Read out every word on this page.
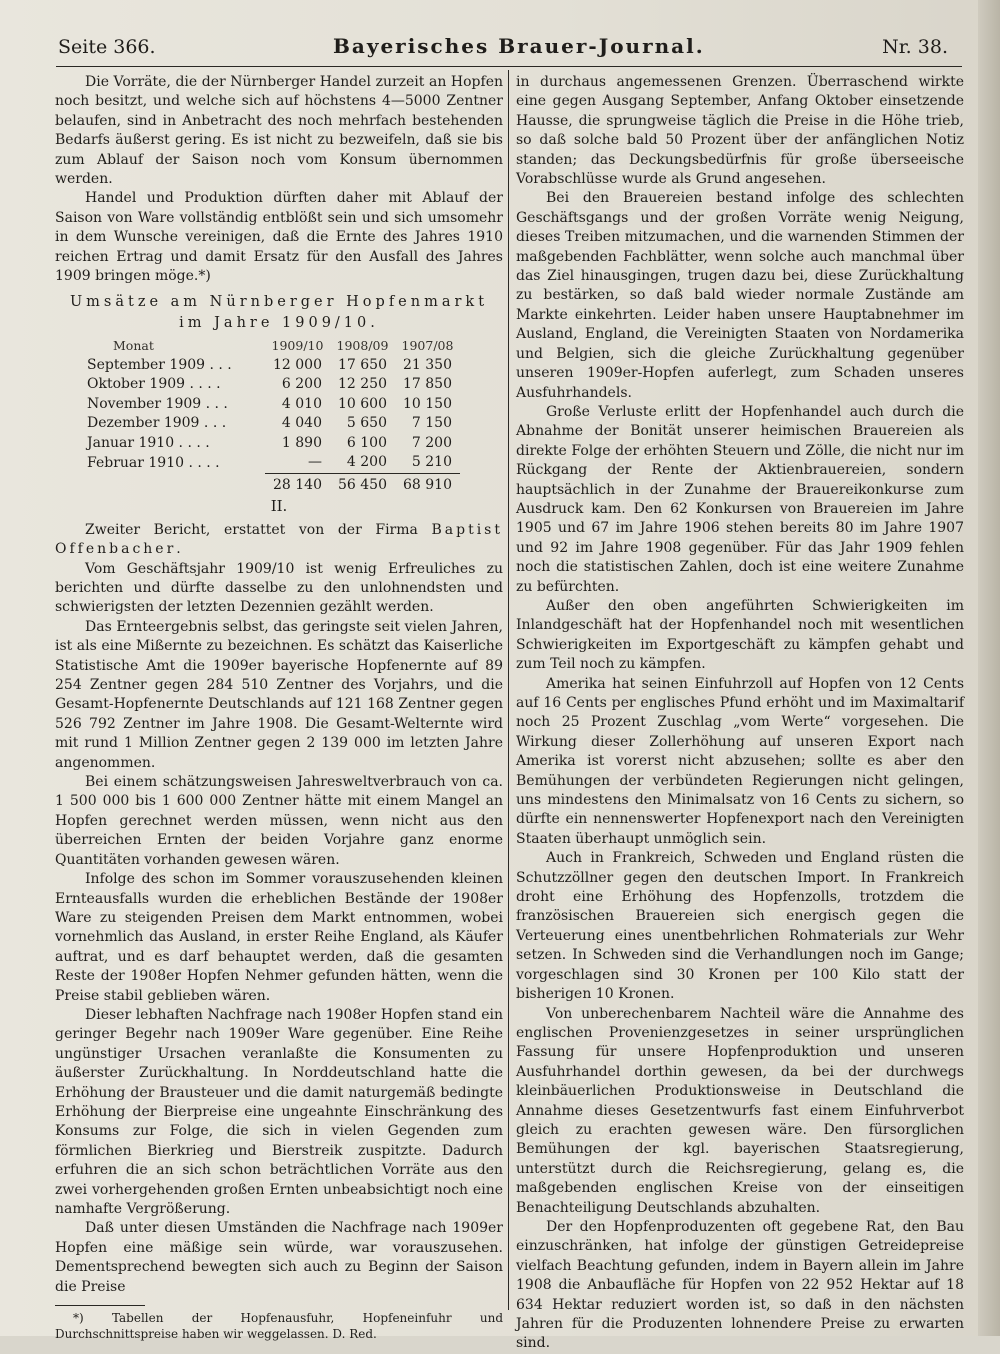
Seite 366.	Bayerisches Brauer-Journal.	Nr. 38.

Die Vorräte, die der Nürnberger Handel zurzeit an Hopfen noch besitzt, und welche sich auf höchstens 4—5000 Zentner belaufen, sind in Anbetracht des noch mehrfach bestehenden Bedarfs äußerst gering. Es ist nicht zu bezweifeln, daß sie bis zum Ablauf der Saison noch vom Konsum übernommen werden.

Handel und Produktion dürften daher mit Ablauf der Saison von Ware vollständig entblößt sein und sich umsomehr in dem Wunsche vereinigen, daß die Ernte des Jahres 1910 reichen Ertrag und damit Ersatz für den Ausfall des Jahres 1909 bringen möge.*)

Umsätze am Nürnberger Hopfenmarkt im Jahre 1909/10.
Monat	1909/10	1908/09	1907/08
September 1909 . . .	12 000	17 650	21 350
Oktober 1909 . . . .	6 200	12 250	17 850
November 1909 . . .	4 010	10 600	10 150
Dezember 1909 . . .	4 040	5 650	7 150
Januar 1910 . . . .	1 890	6 100	7 200
Februar 1910 . . . .	—	4 200	5 210
	28 140	56 450	68 910
II.

Zweiter Bericht, erstattet von der Firma Baptist Offenbacher.

Vom Geschäftsjahr 1909/10 ist wenig Erfreuliches zu berichten und dürfte dasselbe zu den unlohnendsten und schwierigsten der letzten Dezennien gezählt werden.

Das Ernteergebnis selbst, das geringste seit vielen Jahren, ist als eine Mißernte zu bezeichnen. Es schätzt das Kaiserliche Statistische Amt die 1909er bayerische Hopfenernte auf 89 254 Zentner gegen 284 510 Zentner des Vorjahrs, und die Gesamt-Hopfenernte Deutschlands auf 121 168 Zentner gegen 526 792 Zentner im Jahre 1908. Die Gesamt-Welternte wird mit rund 1 Million Zentner gegen 2 139 000 im letzten Jahre angenommen.

Bei einem schätzungsweisen Jahresweltverbrauch von ca. 1 500 000 bis 1 600 000 Zentner hätte mit einem Mangel an Hopfen gerechnet werden müssen, wenn nicht aus den überreichen Ernten der beiden Vorjahre ganz enorme Quantitäten vorhanden gewesen wären.

Infolge des schon im Sommer vorauszusehenden kleinen Ernteausfalls wurden die erheblichen Bestände der 1908er Ware zu steigenden Preisen dem Markt entnommen, wobei vornehmlich das Ausland, in erster Reihe England, als Käufer auftrat, und es darf behauptet werden, daß die gesamten Reste der 1908er Hopfen Nehmer gefunden hätten, wenn die Preise stabil geblieben wären.

Dieser lebhaften Nachfrage nach 1908er Hopfen stand ein geringer Begehr nach 1909er Ware gegenüber. Eine Reihe ungünstiger Ursachen veranlaßte die Konsumenten zu äußerster Zurückhaltung. In Norddeutschland hatte die Erhöhung der Brausteuer und die damit naturgemäß bedingte Erhöhung der Bierpreise eine ungeahnte Einschränkung des Konsums zur Folge, die sich in vielen Gegenden zum förmlichen Bierkrieg und Bierstreik zuspitzte. Dadurch erfuhren die an sich schon beträchtlichen Vorräte aus den zwei vorhergehenden großen Ernten unbeabsichtigt noch eine namhafte Vergrößerung.

Daß unter diesen Umständen die Nachfrage nach 1909er Hopfen eine mäßige sein würde, war vorauszusehen. Dementsprechend bewegten sich auch zu Beginn der Saison die Preise

*) Tabellen der Hopfenausfuhr, Hopfeneinfuhr und Durchschnittspreise haben wir weggelassen. D. Red.

in durchaus angemessenen Grenzen. Überraschend wirkte eine gegen Ausgang September, Anfang Oktober einsetzende Hausse, die sprungweise täglich die Preise in die Höhe trieb, so daß solche bald 50 Prozent über der anfänglichen Notiz standen; das Deckungsbedürfnis für große überseeische Vorabschlüsse wurde als Grund angesehen.

Bei den Brauereien bestand infolge des schlechten Geschäftsgangs und der großen Vorräte wenig Neigung, dieses Treiben mitzumachen, und die warnenden Stimmen der maßgebenden Fachblätter, wenn solche auch manchmal über das Ziel hinausgingen, trugen dazu bei, diese Zurückhaltung zu bestärken, so daß bald wieder normale Zustände am Markte einkehrten. Leider haben unsere Hauptabnehmer im Ausland, England, die Vereinigten Staaten von Nordamerika und Belgien, sich die gleiche Zurückhaltung gegenüber unseren 1909er-Hopfen auferlegt, zum Schaden unseres Ausfuhrhandels.

Große Verluste erlitt der Hopfenhandel auch durch die Abnahme der Bonität unserer heimischen Brauereien als direkte Folge der erhöhten Steuern und Zölle, die nicht nur im Rückgang der Rente der Aktienbrauereien, sondern hauptsächlich in der Zunahme der Brauereikonkurse zum Ausdruck kam. Den 62 Konkursen von Brauereien im Jahre 1905 und 67 im Jahre 1906 stehen bereits 80 im Jahre 1907 und 92 im Jahre 1908 gegenüber. Für das Jahr 1909 fehlen noch die statistischen Zahlen, doch ist eine weitere Zunahme zu befürchten.

Außer den oben angeführten Schwierigkeiten im Inlandgeschäft hat der Hopfenhandel noch mit wesentlichen Schwierigkeiten im Exportgeschäft zu kämpfen gehabt und zum Teil noch zu kämpfen.

Amerika hat seinen Einfuhrzoll auf Hopfen von 12 Cents auf 16 Cents per englisches Pfund erhöht und im Maximaltarif noch 25 Prozent Zuschlag „vom Werte“ vorgesehen. Die Wirkung dieser Zollerhöhung auf unseren Export nach Amerika ist vorerst nicht abzusehen; sollte es aber den Bemühungen der verbündeten Regierungen nicht gelingen, uns mindestens den Minimalsatz von 16 Cents zu sichern, so dürfte ein nennenswerter Hopfenexport nach den Vereinigten Staaten überhaupt unmöglich sein.

Auch in Frankreich, Schweden und England rüsten die Schutzzöllner gegen den deutschen Import. In Frankreich droht eine Erhöhung des Hopfenzolls, trotzdem die französischen Brauereien sich energisch gegen die Verteuerung eines unentbehrlichen Rohmaterials zur Wehr setzen. In Schweden sind die Verhandlungen noch im Gange; vorgeschlagen sind 30 Kronen per 100 Kilo statt der bisherigen 10 Kronen.

Von unberechenbarem Nachteil wäre die Annahme des englischen Provenienzgesetzes in seiner ursprünglichen Fassung für unsere Hopfenproduktion und unseren Ausfuhrhandel dorthin gewesen, da bei der durchwegs kleinbäuerlichen Produktionsweise in Deutschland die Annahme dieses Gesetzentwurfs fast einem Einfuhrverbot gleich zu erachten gewesen wäre. Den fürsorglichen Bemühungen der kgl. bayerischen Staatsregierung, unterstützt durch die Reichsregierung, gelang es, die maßgebenden englischen Kreise von der einseitigen Benachteiligung Deutschlands abzuhalten.

Der den Hopfenproduzenten oft gegebene Rat, den Bau einzuschränken, hat infolge der günstigen Getreidepreise vielfach Beachtung gefunden, indem in Bayern allein im Jahre 1908 die Anbaufläche für Hopfen von 22 952 Hektar auf 18 634 Hektar reduziert worden ist, so daß in den nächsten Jahren für die Produzenten lohnendere Preise zu erwarten sind.
